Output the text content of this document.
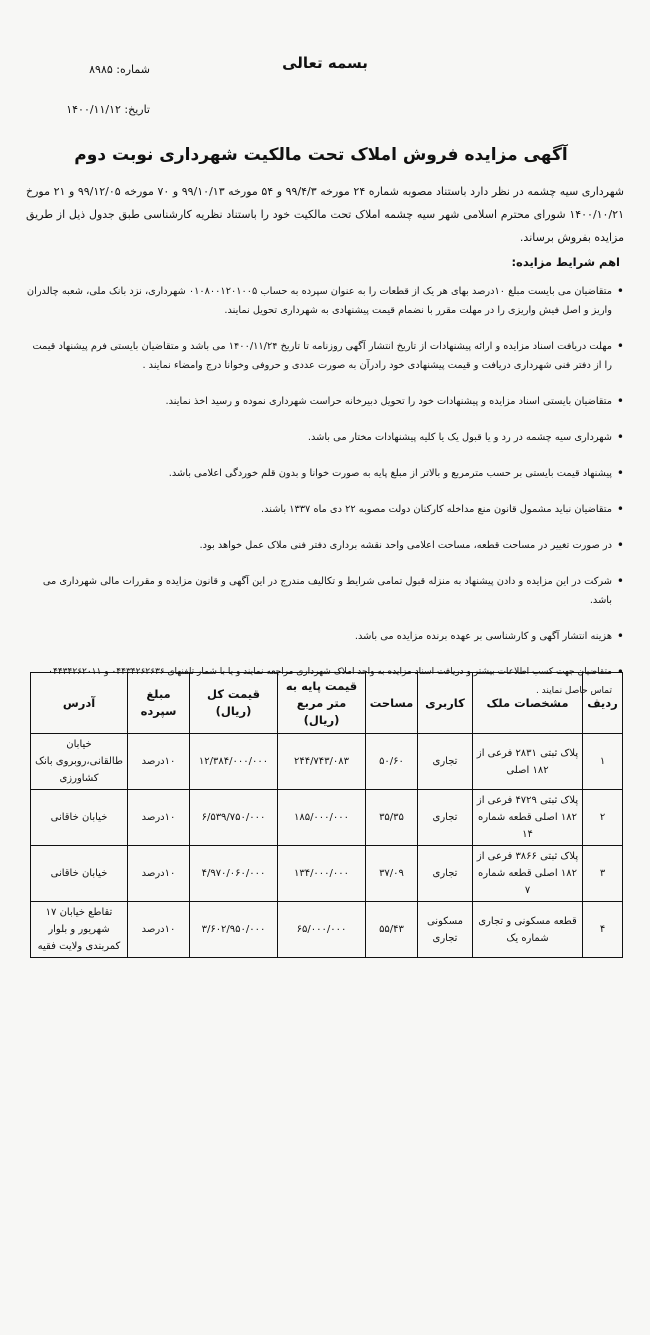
بسمه تعالی
شماره: ۸۹۸۵
تاریخ: ۱۴۰۰/۱۱/۱۲
آگهی مزایده فروش املاک تحت مالکیت شهرداری نوبت دوم
شهرداری سیه چشمه در نظر دارد باستناد مصوبه شماره ۲۴ مورخه ۹۹/۴/۳ و ۵۴ مورخه ۹۹/۱۰/۱۳ و ۷۰ مورخه ۹۹/۱۲/۰۵ و ۲۱ مورخ ۱۴۰۰/۱۰/۲۱ شورای محترم اسلامی شهر سیه چشمه املاک تحت مالکیت خود را باستناد نظریه کارشناسی طبق جدول ذیل از طریق مزایده بفروش برساند.
اهم شرایط مزایده:
• متقاضیان می بایست مبلغ ۱۰درصد بهای هر یک از قطعات را به عنوان سپرده به حساب ۰۱۰۸۰۰۱۲۰۱۰۰۵ شهرداری، نزد بانک ملی، شعبه چالدران واریز و اصل فیش واریزی را در مهلت مقرر با نضمام قیمت پیشنهادی به شهرداری تحویل نمایند.
• مهلت دریافت اسناد مزایده و ارائه پیشنهادات از تاریخ انتشار آگهی روزنامه تا تاریخ ۱۴۰۰/۱۱/۲۴ می باشد و متقاضیان بایستی فرم پیشنهاد قیمت را از دفتر فنی شهرداری دریافت و قیمت پیشنهادی خود رادرآن به صورت عددی و حروفی وخوانا درج وامضاء نمایند .
• متقاضیان بایستی اسناد مزایده و پیشنهادات خود را تحویل دبیرخانه حراست شهرداری نموده و رسید اخذ نمایند.
• شهرداری سیه چشمه در رد و یا قبول یک یا کلیه پیشنهادات مختار می باشد.
• پیشنهاد قیمت بایستی بر حسب مترمربع و بالاتر از مبلغ پایه به صورت خوانا و بدون قلم خوردگی اعلامی باشد.
• متقاضیان نباید مشمول قانون منع مداخله کارکنان دولت مصوبه ۲۲ دی ماه ۱۳۳۷ باشند.
• در صورت تغییر در مساحت قطعه، مساحت اعلامی واحد نقشه برداری دفتر فنی ملاک عمل خواهد بود.
• شرکت در این مزایده و دادن پیشنهاد به منزله قبول تمامی شرایط و تکالیف مندرج در این آگهی و قانون مزایده و مقررات مالی شهرداری می باشد.
• هزینه انتشار آگهی و کارشناسی بر عهده برنده مزایده می باشد.
• متقاضیان جهت کسب اطلاعات بیشتر و دریافت اسناد مزایده به واحد املاک شهرداری مراجعه نمایند و یا با شمار تلفنهای ۰۴۴۳۴۲۶۲۶۳۶ و ۰۴۴۳۴۲۶۲۰۱۱ تماس حاصل نمایند .
ردیف	مشخصات ملک	کاربری	مساحت	قیمت پایه به متر مربع (ریال)	قیمت کل (ریال)	مبلغ سپرده	آدرس
۱	پلاک ثبتی ۲۸۳۱ فرعی از ۱۸۲ اصلی	تجاری	۵۰/۶۰	۲۴۴/۷۴۳/۰۸۳	۱۲/۳۸۴/۰۰۰/۰۰۰	۱۰درصد	خیابان طالقانی،روبروی بانک کشاورزی
۲	پلاک ثبتی ۴۷۲۹ فرعی از ۱۸۲ اصلی قطعه شماره ۱۴	تجاری	۳۵/۳۵	۱۸۵/۰۰۰/۰۰۰	۶/۵۳۹/۷۵۰/۰۰۰	۱۰درصد	خیابان خاقانی
۳	پلاک ثبتی ۳۸۶۶ فرعی از ۱۸۲ اصلی قطعه شماره ۷	تجاری	۳۷/۰۹	۱۳۴/۰۰۰/۰۰۰	۴/۹۷۰/۰۶۰/۰۰۰	۱۰درصد	خیابان خاقانی
۴	قطعه مسکونی و تجاری شماره یک	مسکونی تجاری	۵۵/۴۳	۶۵/۰۰۰/۰۰۰	۳/۶۰۲/۹۵۰/۰۰۰	۱۰درصد	تقاطع خیابان ۱۷ شهریور و بلوار کمربندی ولایت فقیه
